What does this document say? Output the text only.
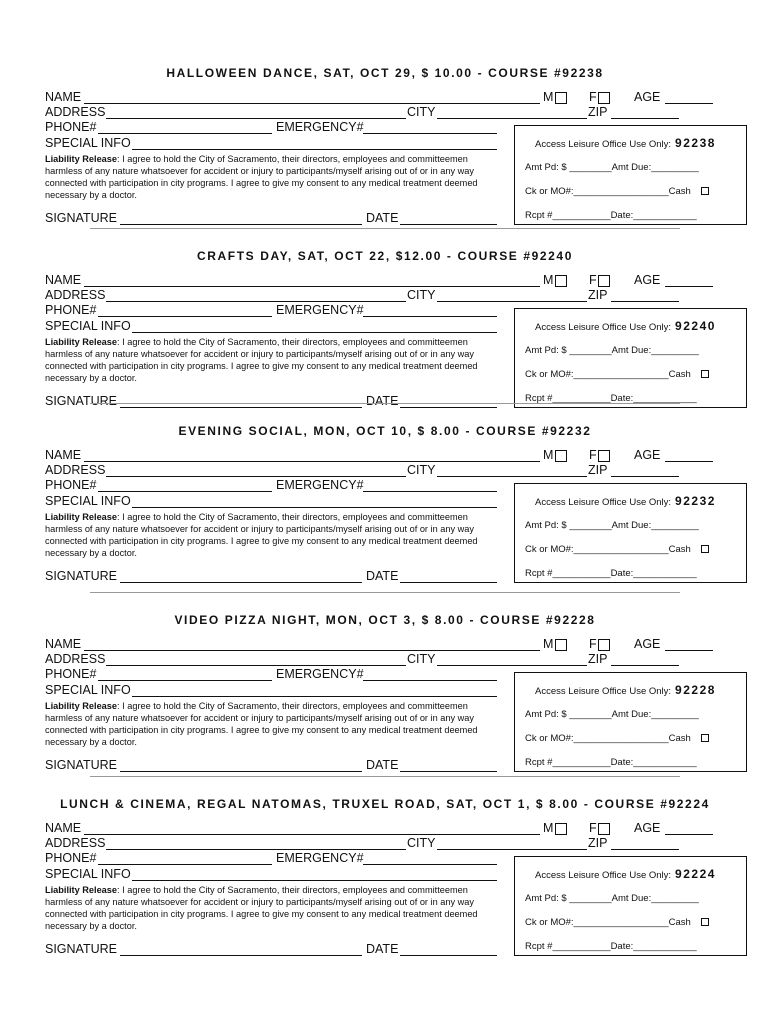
HALLOWEEN DANCE, SAT, OCT 29, $ 10.00 - COURSE #92238
NAME	M	F	AGE
ADDRESS	CITY	ZIP
PHONE#	EMERGENCY#
SPECIAL INFO
Liability Release: I agree to hold the City of Sacramento, their directors, employees and committeemen harmless of any nature whatsoever for accident or injury to participants/myself arising out of or in any way connected with participation in city programs. I agree to give my consent to any medical treatment deemed necessary by a doctor.
SIGNATURE	DATE
Access Leisure Office Use Only: 92238
Amt Pd: $ ________Amt Due:_________
Ck or MO#:__________________Cash
Rcpt #___________Date:____________
CRAFTS DAY, SAT, OCT 22, $12.00 - COURSE #92240
NAME	M	F	AGE
ADDRESS	CITY	ZIP
PHONE#	EMERGENCY#
SPECIAL INFO
Liability Release: I agree to hold the City of Sacramento, their directors, employees and committeemen harmless of any nature whatsoever for accident or injury to participants/myself arising out of or in any way connected with participation in city programs. I agree to give my consent to any medical treatment deemed necessary by a doctor.
SIGNATURE	DATE
Access Leisure Office Use Only: 92240
Amt Pd: $ ________Amt Due:_________
Ck or MO#:__________________Cash
Rcpt #___________Date:____________
EVENING SOCIAL, MON, OCT 10, $ 8.00 - COURSE #92232
NAME	M	F	AGE
ADDRESS	CITY	ZIP
PHONE#	EMERGENCY#
SPECIAL INFO
Liability Release: I agree to hold the City of Sacramento, their directors, employees and committeemen harmless of any nature whatsoever for accident or injury to participants/myself arising out of or in any way connected with participation in city programs. I agree to give my consent to any medical treatment deemed necessary by a doctor.
SIGNATURE	DATE
Access Leisure Office Use Only: 92232
Amt Pd: $ ________Amt Due:_________
Ck or MO#:__________________Cash
Rcpt #___________Date:____________
VIDEO PIZZA NIGHT, MON, OCT 3, $ 8.00 - COURSE #92228
NAME	M	F	AGE
ADDRESS	CITY	ZIP
PHONE#	EMERGENCY#
SPECIAL INFO
Liability Release: I agree to hold the City of Sacramento, their directors, employees and committeemen harmless of any nature whatsoever for accident or injury to participants/myself arising out of or in any way connected with participation in city programs. I agree to give my consent to any medical treatment deemed necessary by a doctor.
SIGNATURE	DATE
Access Leisure Office Use Only: 92228
Amt Pd: $ ________Amt Due:_________
Ck or MO#:__________________Cash
Rcpt #___________Date:____________
LUNCH & CINEMA, REGAL NATOMAS, TRUXEL ROAD, SAT, OCT 1, $ 8.00 - COURSE #92224
NAME	M	F	AGE
ADDRESS	CITY	ZIP
PHONE#	EMERGENCY#
SPECIAL INFO
Liability Release: I agree to hold the City of Sacramento, their directors, employees and committeemen harmless of any nature whatsoever for accident or injury to participants/myself arising out of or in any way connected with participation in city programs. I agree to give my consent to any medical treatment deemed necessary by a doctor.
SIGNATURE	DATE
Access Leisure Office Use Only: 92224
Amt Pd: $ ________Amt Due:_________
Ck or MO#:__________________Cash
Rcpt #___________Date:____________
